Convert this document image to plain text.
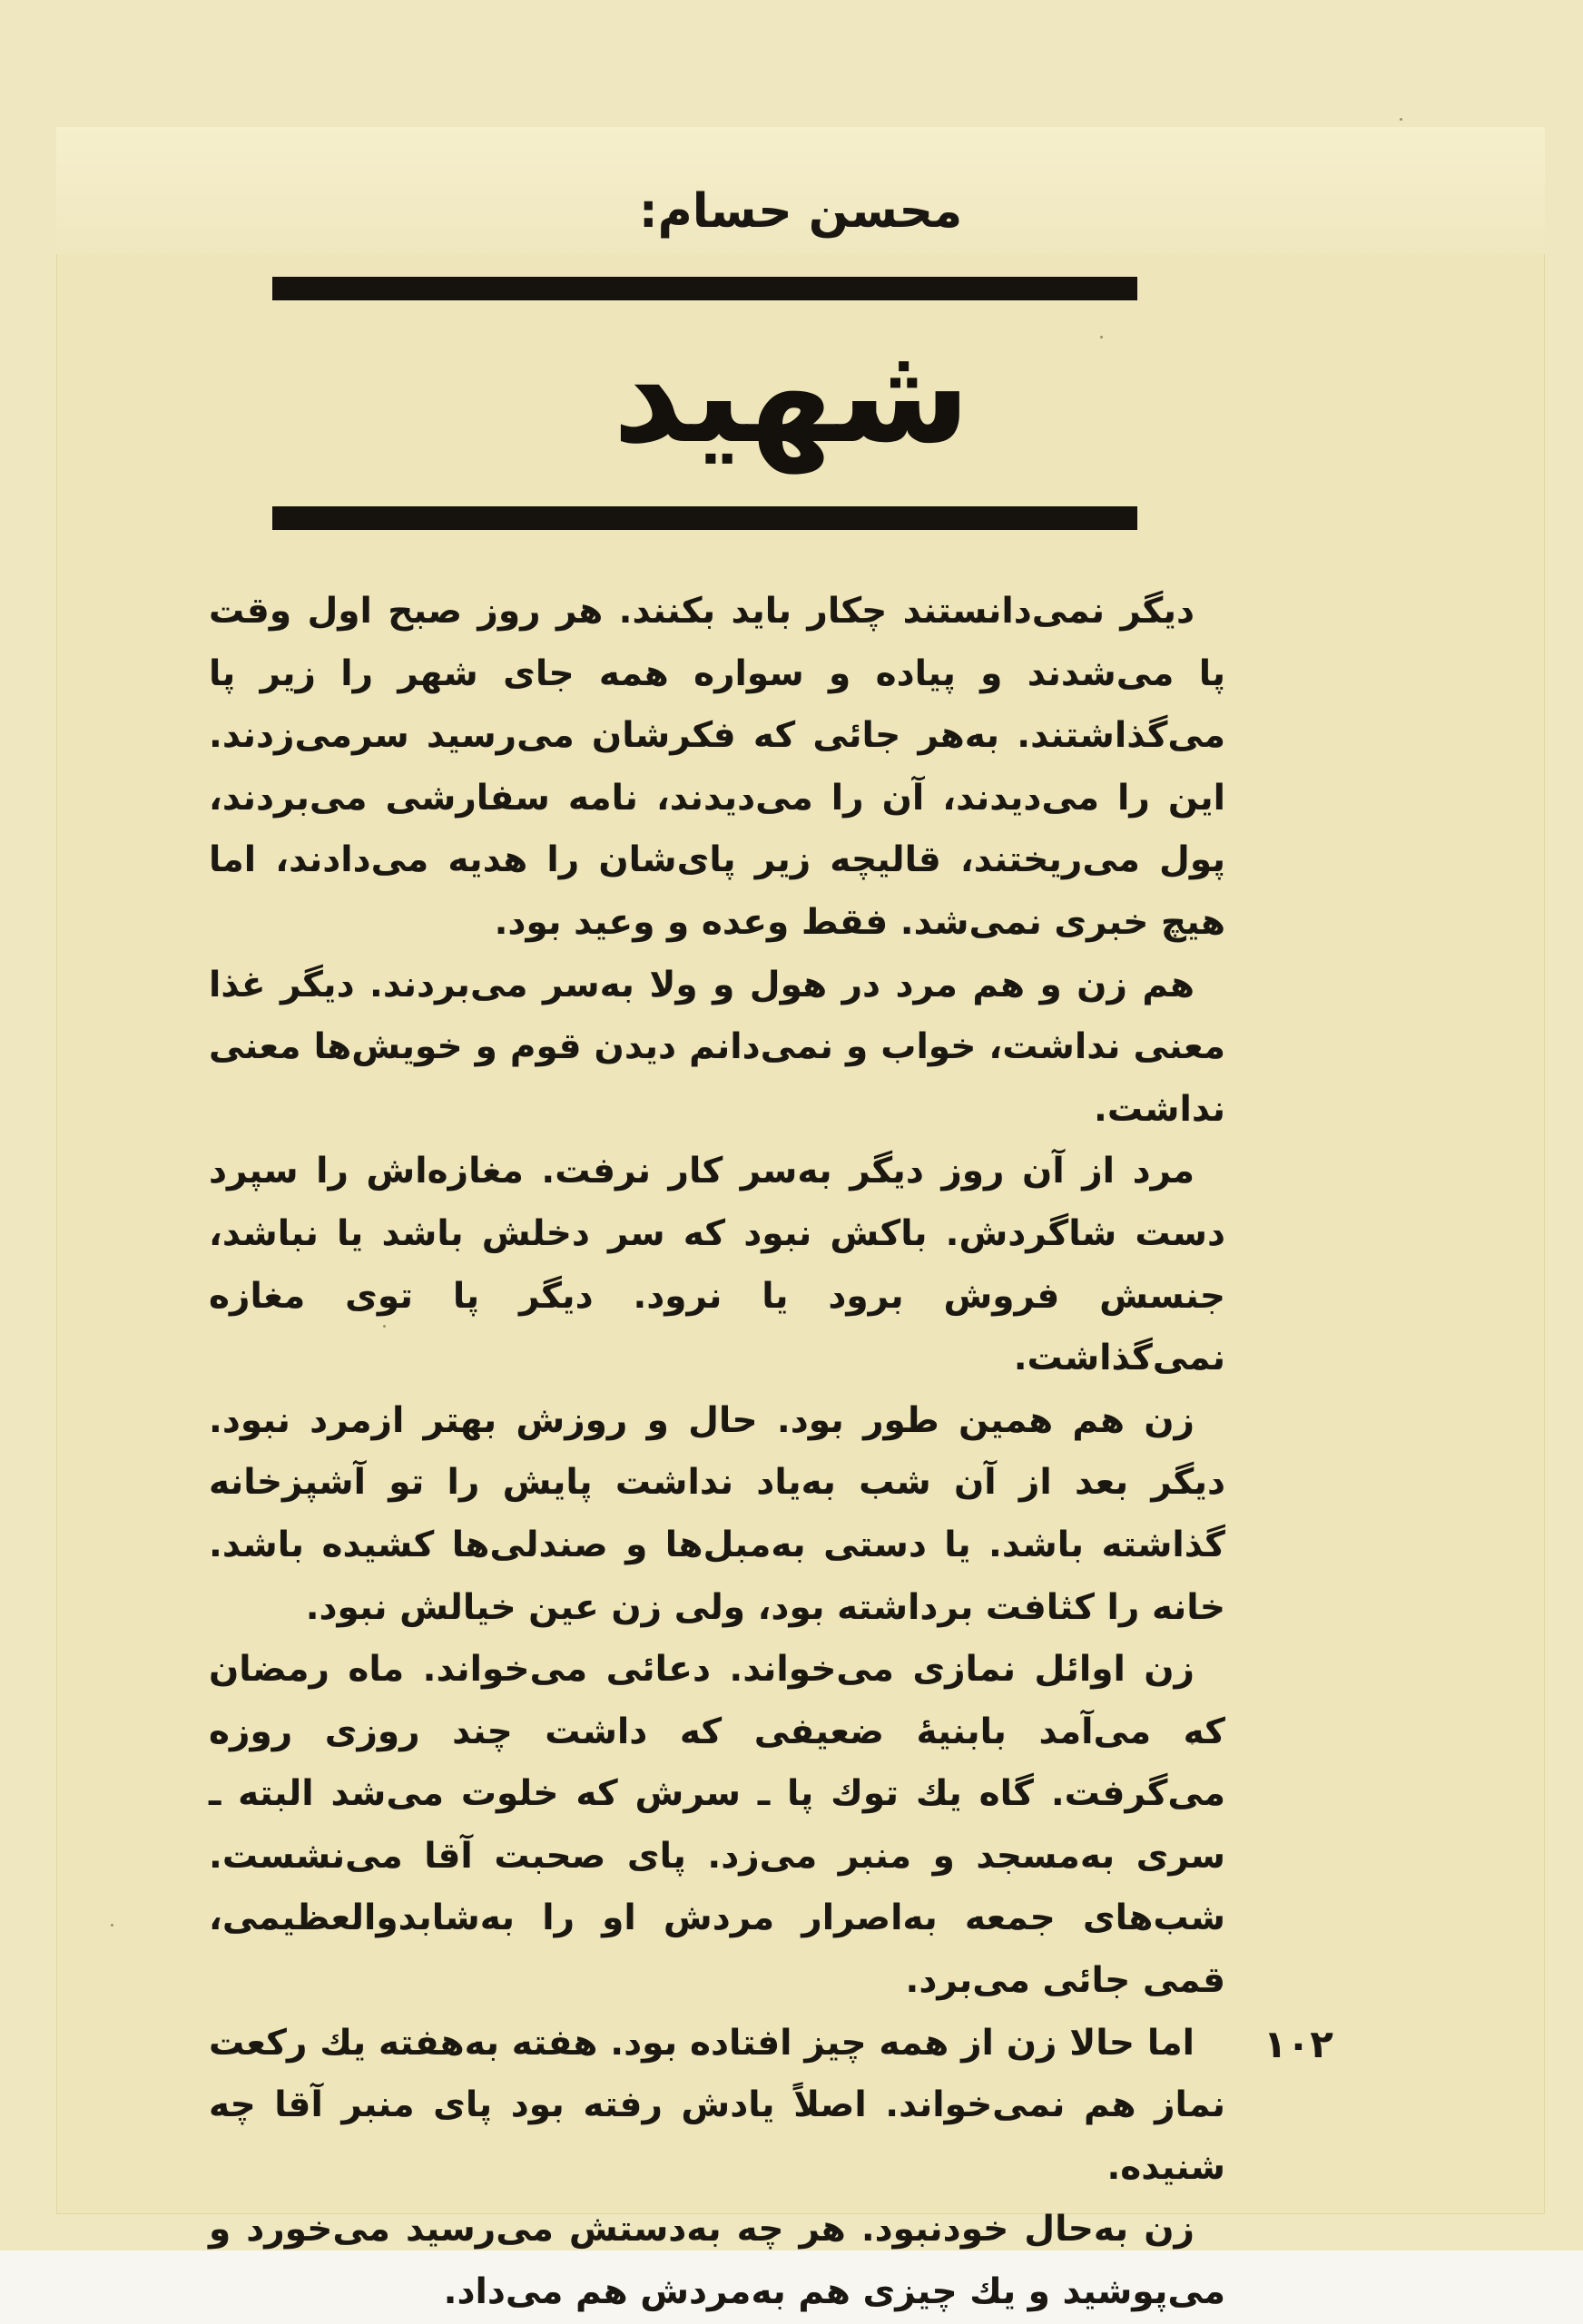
محسن حسام:
شهید

دیگر نمی‌دانستند چکار باید بکنند. هر روز صبح اول وقت پا می‌شدند و پیاده و سواره همه جای شهر را زیر پا می‌گذاشتند. به‌هر جائی که فکرشان می‌رسید سرمی‌زدند. این را می‌دیدند، آن را می‌دیدند، نامه سفارشی می‌بردند، پول می‌ریختند، قالیچه زیر پای‌شان را هدیه می‌دادند، اما هیچ خبری نمی‌شد. فقط وعده و وعید بود.

هم زن و هم مرد در هول و ولا به‌سر می‌بردند. دیگر غذا معنی نداشت، خواب و نمی‌دانم دیدن قوم و خویش‌ها معنی نداشت.

مرد از آن روز دیگر به‌سر کار نرفت. مغازه‌اش را سپرد دست شاگردش. باکش نبود که سر دخلش باشد یا نباشد، جنسش فروش برود یا نرود. دیگر پا توی مغازه نمی‌گذاشت.

زن هم همین طور بود. حال و روزش بهتر ازمرد نبود. دیگر بعد از آن شب به‌یاد نداشت پایش را تو آشپزخانه گذاشته باشد. یا دستی به‌مبل‌ها و صندلی‌ها کشیده باشد. خانه را کثافت برداشته بود، ولی زن عین خیالش نبود.

زن اوائل نمازی می‌خواند. دعائی می‌خواند. ماه رمضان که می‌آمد بابنیهٔ ضعیفی که داشت چند روزی روزه می‌گرفت. گاه یك توك پا ـ سرش که خلوت می‌شد البته ـ سری به‌مسجد و منبر می‌زد. پای صحبت آقا می‌نشست. شب‌های جمعه به‌اصرار مردش او را به‌شابدوالعظیمی، قمی جائی می‌برد.

اما حالا زن از همه چیز افتاده بود. هفته به‌هفته یك رکعت نماز هم نمی‌خواند. اصلاً یادش رفته بود پای منبر آقا چه شنیده.

زن به‌حال خودنبود. هر چه به‌دستش می‌رسید می‌خورد و می‌پوشید و یك چیزی هم به‌مردش هم می‌داد.

۱۰۲
